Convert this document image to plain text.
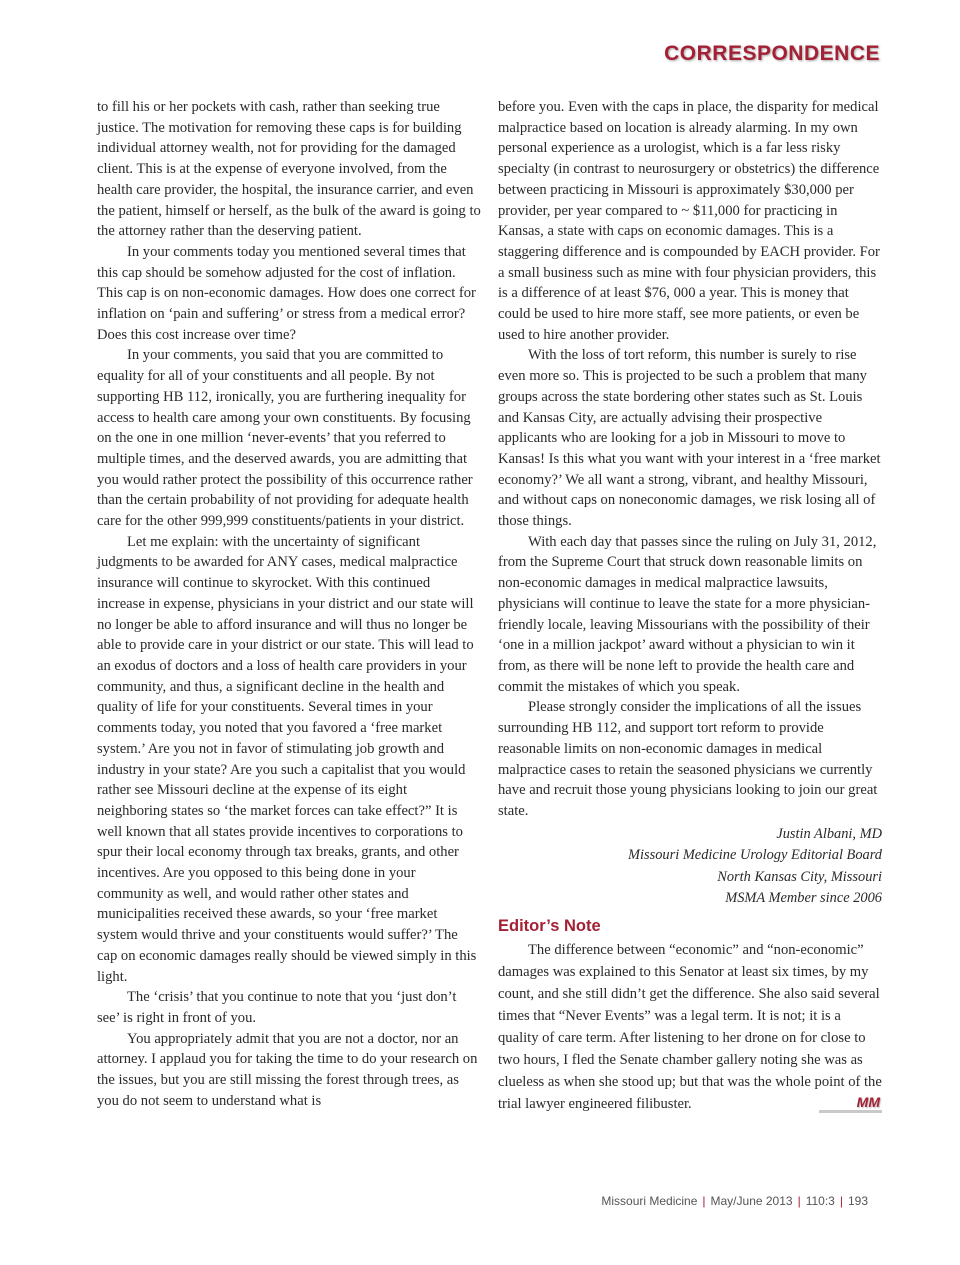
CORRESPONDENCE

to fill his or her pockets with cash, rather than seeking true justice. The motivation for removing these caps is for building individual attorney wealth, not for providing for the damaged client. This is at the expense of everyone involved, from the health care provider, the hospital, the insurance carrier, and even the patient, himself or herself, as the bulk of the award is going to the attorney rather than the deserving patient.

In your comments today you mentioned several times that this cap should be somehow adjusted for the cost of inflation. This cap is on non-economic damages. How does one correct for inflation on ‘pain and suffering’ or stress from a medical error? Does this cost increase over time?

In your comments, you said that you are committed to equality for all of your constituents and all people. By not supporting HB 112, ironically, you are furthering inequality for access to health care among your own constituents. By focusing on the one in one million ‘never-events’ that you referred to multiple times, and the deserved awards, you are admitting that you would rather protect the possibility of this occurrence rather than the certain probability of not providing for adequate health care for the other 999,999 constituents/patients in your district.

Let me explain: with the uncertainty of significant judgments to be awarded for ANY cases, medical malpractice insurance will continue to skyrocket. With this continued increase in expense, physicians in your district and our state will no longer be able to afford insurance and will thus no longer be able to provide care in your district or our state. This will lead to an exodus of doctors and a loss of health care providers in your community, and thus, a significant decline in the health and quality of life for your constituents. Several times in your comments today, you noted that you favored a ‘free market system.’ Are you not in favor of stimulating job growth and industry in your state? Are you such a capitalist that you would rather see Missouri decline at the expense of its eight neighboring states so ‘the market forces can take effect?” It is well known that all states provide incentives to corporations to spur their local economy through tax breaks, grants, and other incentives. Are you opposed to this being done in your community as well, and would rather other states and municipalities received these awards, so your ‘free market system would thrive and your constituents would suffer?’ The cap on economic damages really should be viewed simply in this light.

The ‘crisis’ that you continue to note that you ‘just don’t see’ is right in front of you.

You appropriately admit that you are not a doctor, nor an attorney. I applaud you for taking the time to do your research on the issues, but you are still missing the forest through trees, as you do not seem to understand what is

before you. Even with the caps in place, the disparity for medical malpractice based on location is already alarming. In my own personal experience as a urologist, which is a far less risky specialty (in contrast to neurosurgery or obstetrics) the difference between practicing in Missouri is approximately $30,000 per provider, per year compared to ~ $11,000 for practicing in Kansas, a state with caps on economic damages. This is a staggering difference and is compounded by EACH provider. For a small business such as mine with four physician providers, this is a difference of at least $76, 000 a year. This is money that could be used to hire more staff, see more patients, or even be used to hire another provider.

With the loss of tort reform, this number is surely to rise even more so. This is projected to be such a problem that many groups across the state bordering other states such as St. Louis and Kansas City, are actually advising their prospective applicants who are looking for a job in Missouri to move to Kansas! Is this what you want with your interest in a ‘free market economy?’ We all want a strong, vibrant, and healthy Missouri, and without caps on noneconomic damages, we risk losing all of those things.

With each day that passes since the ruling on July 31, 2012, from the Supreme Court that struck down reasonable limits on non-economic damages in medical malpractice lawsuits, physicians will continue to leave the state for a more physician-friendly locale, leaving Missourians with the possibility of their ‘one in a million jackpot’ award without a physician to win it from, as there will be none left to provide the health care and commit the mistakes of which you speak.

Please strongly consider the implications of all the issues surrounding HB 112, and support tort reform to provide reasonable limits on non-economic damages in medical malpractice cases to retain the seasoned physicians we currently have and recruit those young physicians looking to join our great state.

Justin Albani, MD
Missouri Medicine Urology Editorial Board
North Kansas City, Missouri
MSMA Member since 2006
Editor’s Note

The difference between “economic” and “non-economic” damages was explained to this Senator at least six times, by my count, and she still didn’t get the difference. She also said several times that “Never Events” was a legal term. It is not; it is a quality of care term. After listening to her drone on for close to two hours, I fled the Senate chamber gallery noting she was as clueless as when she stood up; but that was the whole point of the trial lawyer engineered filibuster.	MM

Missouri Medicine | May/June 2013 | 110:3 | 193
